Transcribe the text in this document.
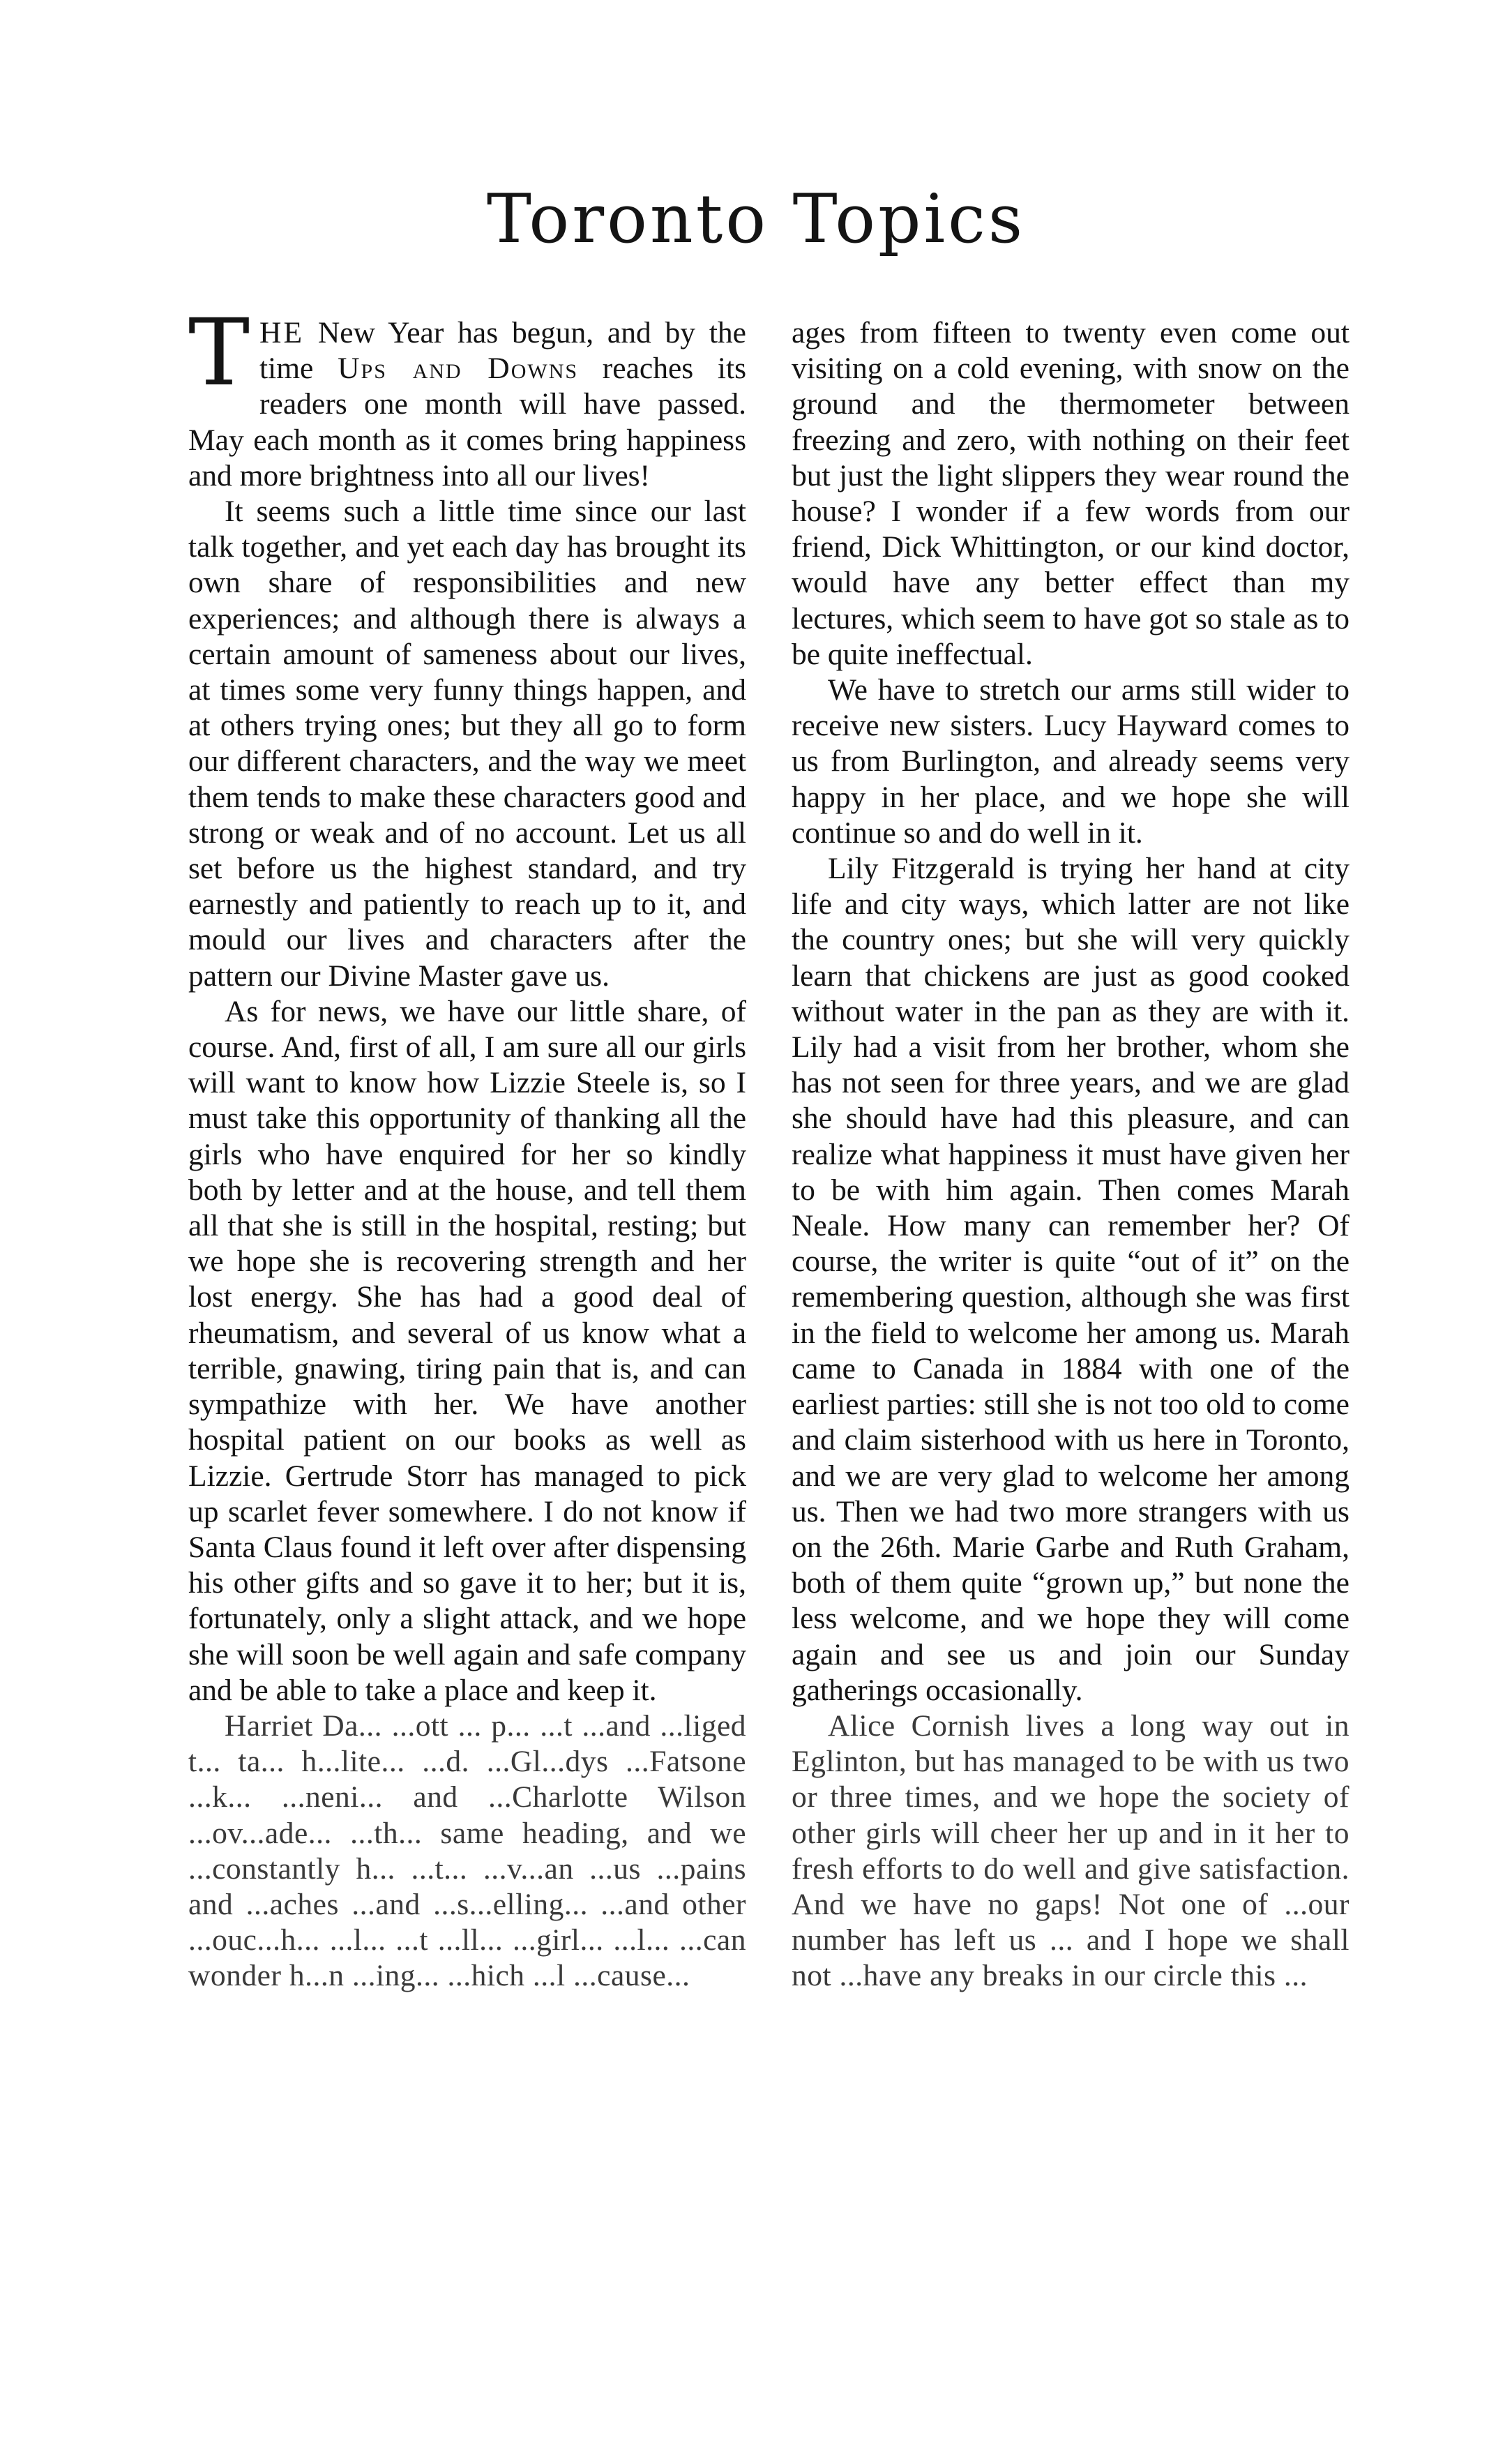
Toronto Topics

THE New Year has begun, and by the time Ups and Downs reaches its readers one month will have passed. May each month as it comes bring happiness and more brightness into all our lives!

It seems such a little time since our last talk together, and yet each day has brought its own share of responsibilities and new experiences; and although there is always a certain amount of sameness about our lives, at times some very funny things happen, and at others trying ones; but they all go to form our different characters, and the way we meet them tends to make these characters good and strong or weak and of no account. Let us all set before us the highest standard, and try earnestly and patiently to reach up to it, and mould our lives and characters after the pattern our Divine Master gave us.

As for news, we have our little share, of course. And, first of all, I am sure all our girls will want to know how Lizzie Steele is, so I must take this opportunity of thanking all the girls who have enquired for her so kindly both by letter and at the house, and tell them all that she is still in the hospital, resting; but we hope she is recovering strength and her lost energy. She has had a good deal of rheumatism, and several of us know what a terrible, gnawing, tiring pain that is, and can sympathize with her. We have another hospital patient on our books as well as Lizzie. Gertrude Storr has managed to pick up scarlet fever somewhere. I do not know if Santa Claus found it left over after dispensing his other gifts and so gave it to her; but it is, fortunately, only a slight attack, and we hope she will soon be well again and safe company and be able to take a place and keep it.

Harriet Da... ...ott ... p... ...t ...and ...liged t... ta... h...lite... ...d. ...Gl...dys ...Fatsone ...k... ...neni... and ...Charlotte Wilson ...ov...ade... ...th... same heading, and we ...constantly h... ...t... ...v...an ...us ...pains and ...aches ...and ...s...elling... ...and other ...ouc...h... ...l... ...t ...ll... ...girl... ...l... ...can wonder h...n ...ing... ...hich ...l ...cause...

ages from fifteen to twenty even come out visiting on a cold evening, with snow on the ground and the thermometer between freezing and zero, with nothing on their feet but just the light slippers they wear round the house? I wonder if a few words from our friend, Dick Whittington, or our kind doctor, would have any better effect than my lectures, which seem to have got so stale as to be quite ineffectual.

We have to stretch our arms still wider to receive new sisters. Lucy Hayward comes to us from Burlington, and already seems very happy in her place, and we hope she will continue so and do well in it.

Lily Fitzgerald is trying her hand at city life and city ways, which latter are not like the country ones; but she will very quickly learn that chickens are just as good cooked without water in the pan as they are with it. Lily had a visit from her brother, whom she has not seen for three years, and we are glad she should have had this pleasure, and can realize what happiness it must have given her to be with him again. Then comes Marah Neale. How many can remember her? Of course, the writer is quite “out of it” on the remembering question, although she was first in the field to welcome her among us. Marah came to Canada in 1884 with one of the earliest parties: still she is not too old to come and claim sisterhood with us here in Toronto, and we are very glad to welcome her among us. Then we had two more strangers with us on the 26th. Marie Garbe and Ruth Graham, both of them quite “grown up,” but none the less welcome, and we hope they will come again and see us and join our Sunday gatherings occasionally.

Alice Cornish lives a long way out in Eglinton, but has managed to be with us two or three times, and we hope the society of other girls will cheer her up and in it her to fresh efforts to do well and give satisfaction. And we have no gaps! Not one of ...our number has left us ... and I hope we shall not ...have any breaks in our circle this ...
